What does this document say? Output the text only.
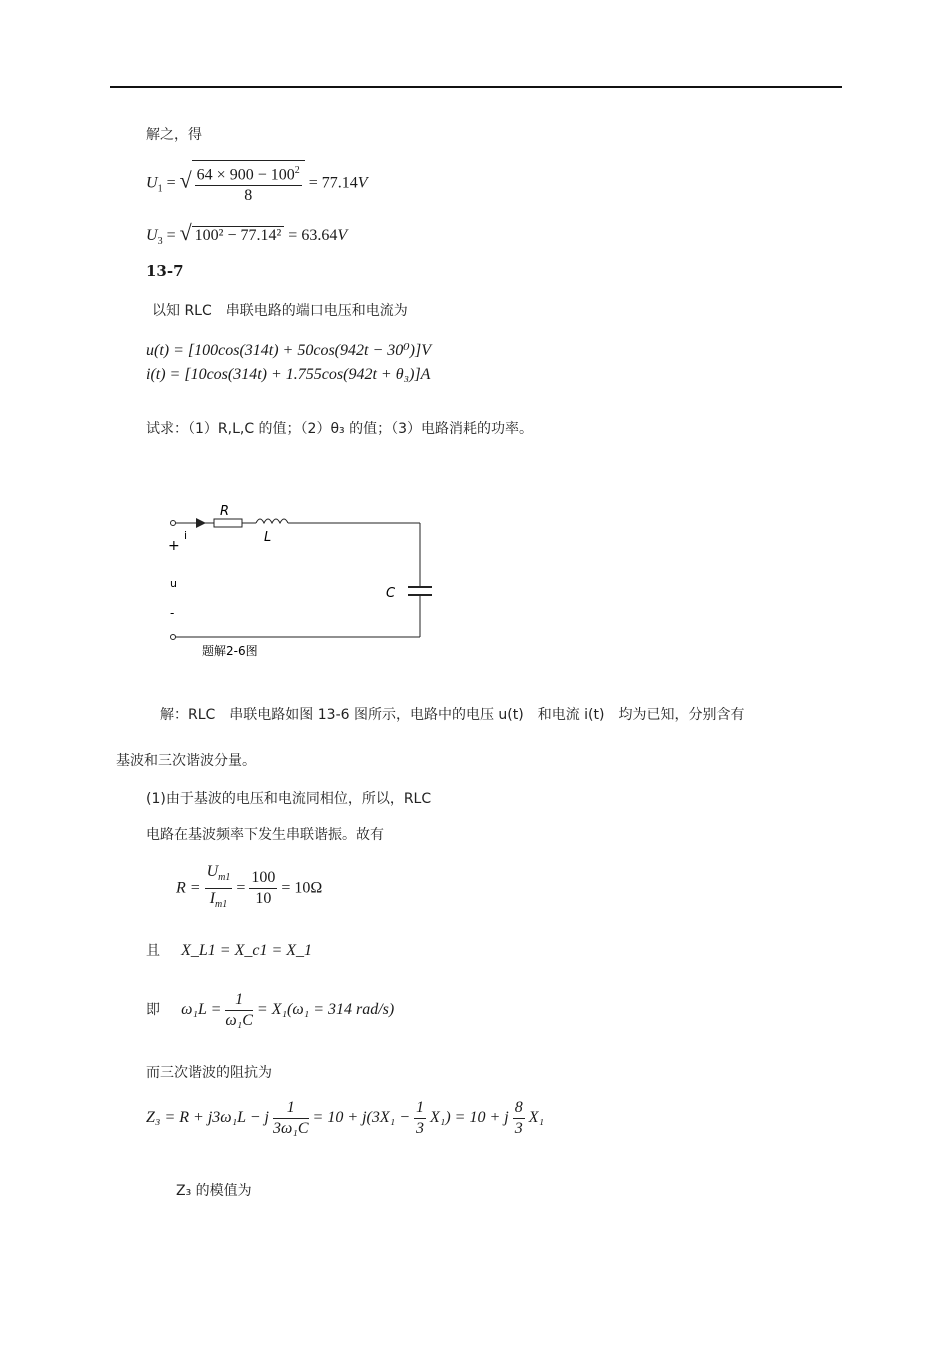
解之，得
$U_1$ = √ $\frac{64 \times 900 - 100^2}{8} = 77.14V$
$U_3$ = √ 100² − 77.14² = 63.64V
13-7
以知 RLC　串联电路的端口电压和电流为
u(t) = [100cos(314t) + 50cos(942t − 30⁰)]V
i(t) = [10cos(314t) + 1.755cos(942t + θ₃)]A
试求：（1）R,L,C 的值；（2）θ₃ 的值；（3）电路消耗的功率。
R
L
C
i
+
u
-
题解2-6图
解：RLC　串联电路如图 13-6 图所示，电路中的电压 u(t)　和电流 i(t)　均为已知，分别含有
基波和三次谐波分量。
(1)由于基波的电压和电流同相位，所以，RLC
电路在基波频率下发生串联谐振。故有
$R = \frac{U_{m1}}{I_{m1}} = \frac{100}{10} = 10\Omega$
且 X_L1 = X_c1 = X_1
即 $\omega_1L = \frac{1}{\text{ω₁C}} = X_1(\omega_1 = 314$ rad/s)
而三次谐波的阻抗为
Z₃ = R + j3ω₁L − j $\frac{1}{\text{3ω₁C}} = 10 + j(3X_1 - \frac{1}{3} X_1) = 10 + j \frac{8}{3} X_1$
Z₃ 的模值为
